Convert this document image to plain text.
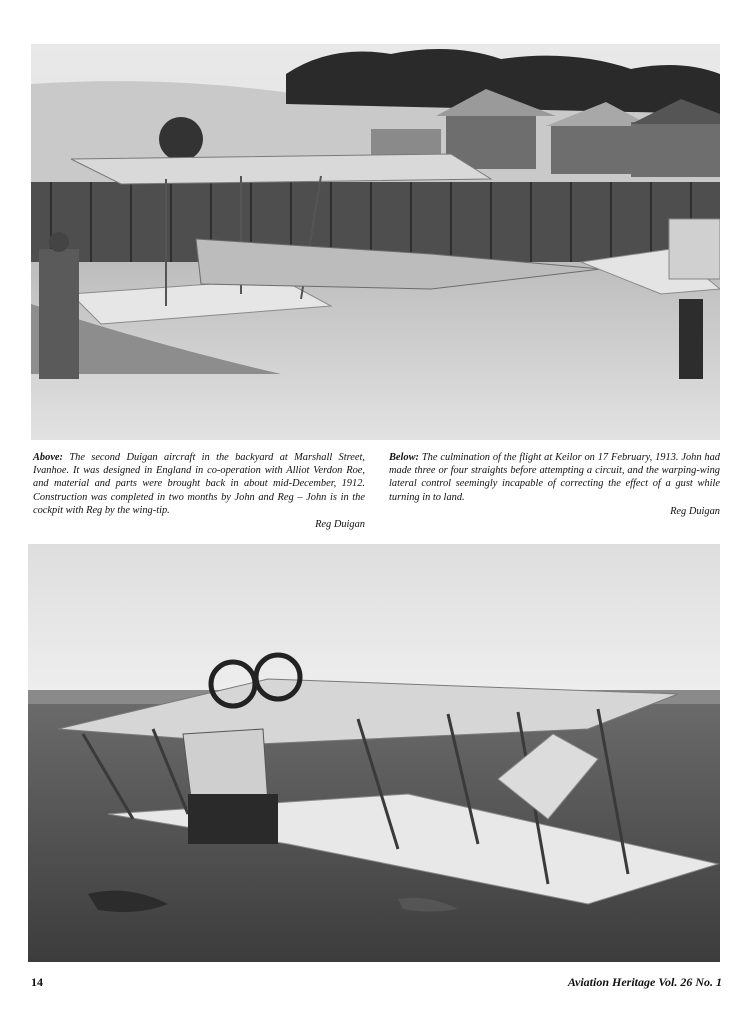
Above: The second Duigan aircraft in the backyard at Marshall Street, Ivanhoe. It was designed in England in co-operation with Alliot Verdon Roe, and material and parts were brought back in about mid-December, 1912. Construction was completed in two months by John and Reg – John is in the cockpit with Reg by the wing-tip.
Reg Duigan
Below: The culmination of the flight at Keilor on 17 February, 1913. John had made three or four straights before attempting a circuit, and the warping-wing lateral control seemingly incapable of correcting the effect of a gust while turning in to land.
Reg Duigan
14	Aviation Heritage Vol. 26 No. 1
